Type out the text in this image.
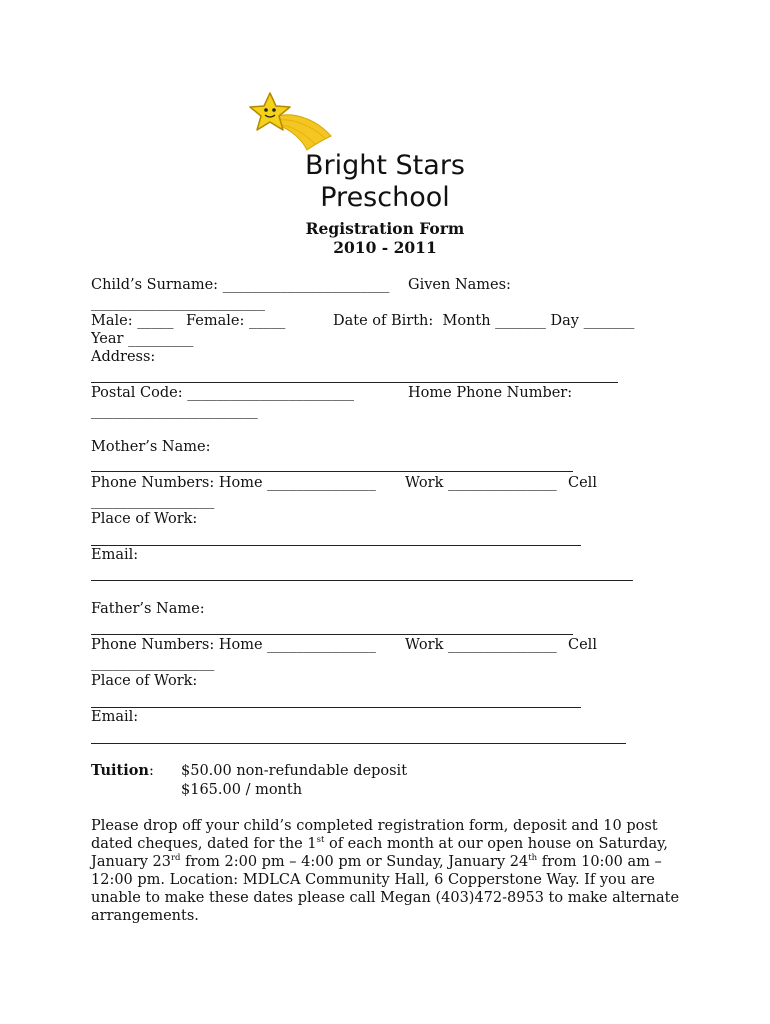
Bright Stars
Preschool
Registration Form
2010 - 2011
Child’s Surname: _______________________ Given Names:
________________________
Male: _____ Female: _____	Date of Birth:  Month _______ Day _______
Year _________
Address:
Postal Code: _______________________	Home Phone Number:
_______________________
Mother’s Name:
Phone Numbers: Home _______________ Work _______________ Cell
_________________
Place of Work:
Email:
Father’s Name:
Phone Numbers: Home _______________ Work _______________ Cell
_________________
Place of Work:
Email:
Tuition: $50.00 non-refundable deposit
$165.00 / month
Please drop off your child’s completed registration form, deposit and 10 post dated cheques, dated for the 1st of each month at our open house on Saturday, January 23rd from 2:00 pm – 4:00 pm or Sunday, January 24th from 10:00 am – 12:00 pm. Location: MDLCA Community Hall, 6 Copperstone Way. If you are unable to make these dates please call Megan (403)472-8953 to make alternate arrangements.
